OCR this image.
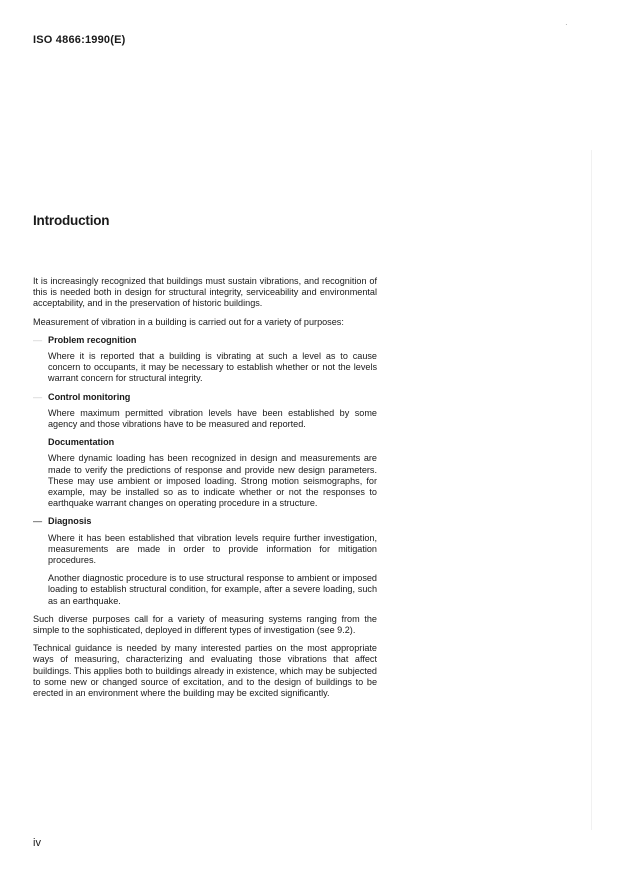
ISO 4866:1990(E)
·
Introduction

It is increasingly recognized that buildings must sustain vibrations, and recognition of this is needed both in design for structural integrity, serviceability and environmental acceptability, and in the preservation of historic buildings.

Measurement of vibration in a building is carried out for a variety of purposes:

— Problem recognition

Where it is reported that a building is vibrating at such a level as to cause concern to occupants, it may be necessary to establish whether or not the levels warrant concern for structural integrity.

— Control monitoring

Where maximum permitted vibration levels have been established by some agency and those vibrations have to be measured and reported.

Documentation

Where dynamic loading has been recognized in design and measurements are made to verify the predictions of response and provide new design parameters. These may use ambient or imposed loading. Strong motion seismographs, for example, may be installed so as to indicate whether or not the responses to earthquake warrant changes on operating procedure in a structure.

— Diagnosis

Where it has been established that vibration levels require further investigation, measurements are made in order to provide information for mitigation procedures.

Another diagnostic procedure is to use structural response to ambient or imposed loading to establish structural condition, for example, after a severe loading, such as an earthquake.

Such diverse purposes call for a variety of measuring systems ranging from the simple to the sophisticated, deployed in different types of investigation (see 9.2).

Technical guidance is needed by many interested parties on the most appropriate ways of measuring, characterizing and evaluating those vibrations that affect buildings. This applies both to buildings already in existence, which may be subjected to some new or changed source of excitation, and to the design of buildings to be erected in an environment where the building may be excited significantly.

iv
